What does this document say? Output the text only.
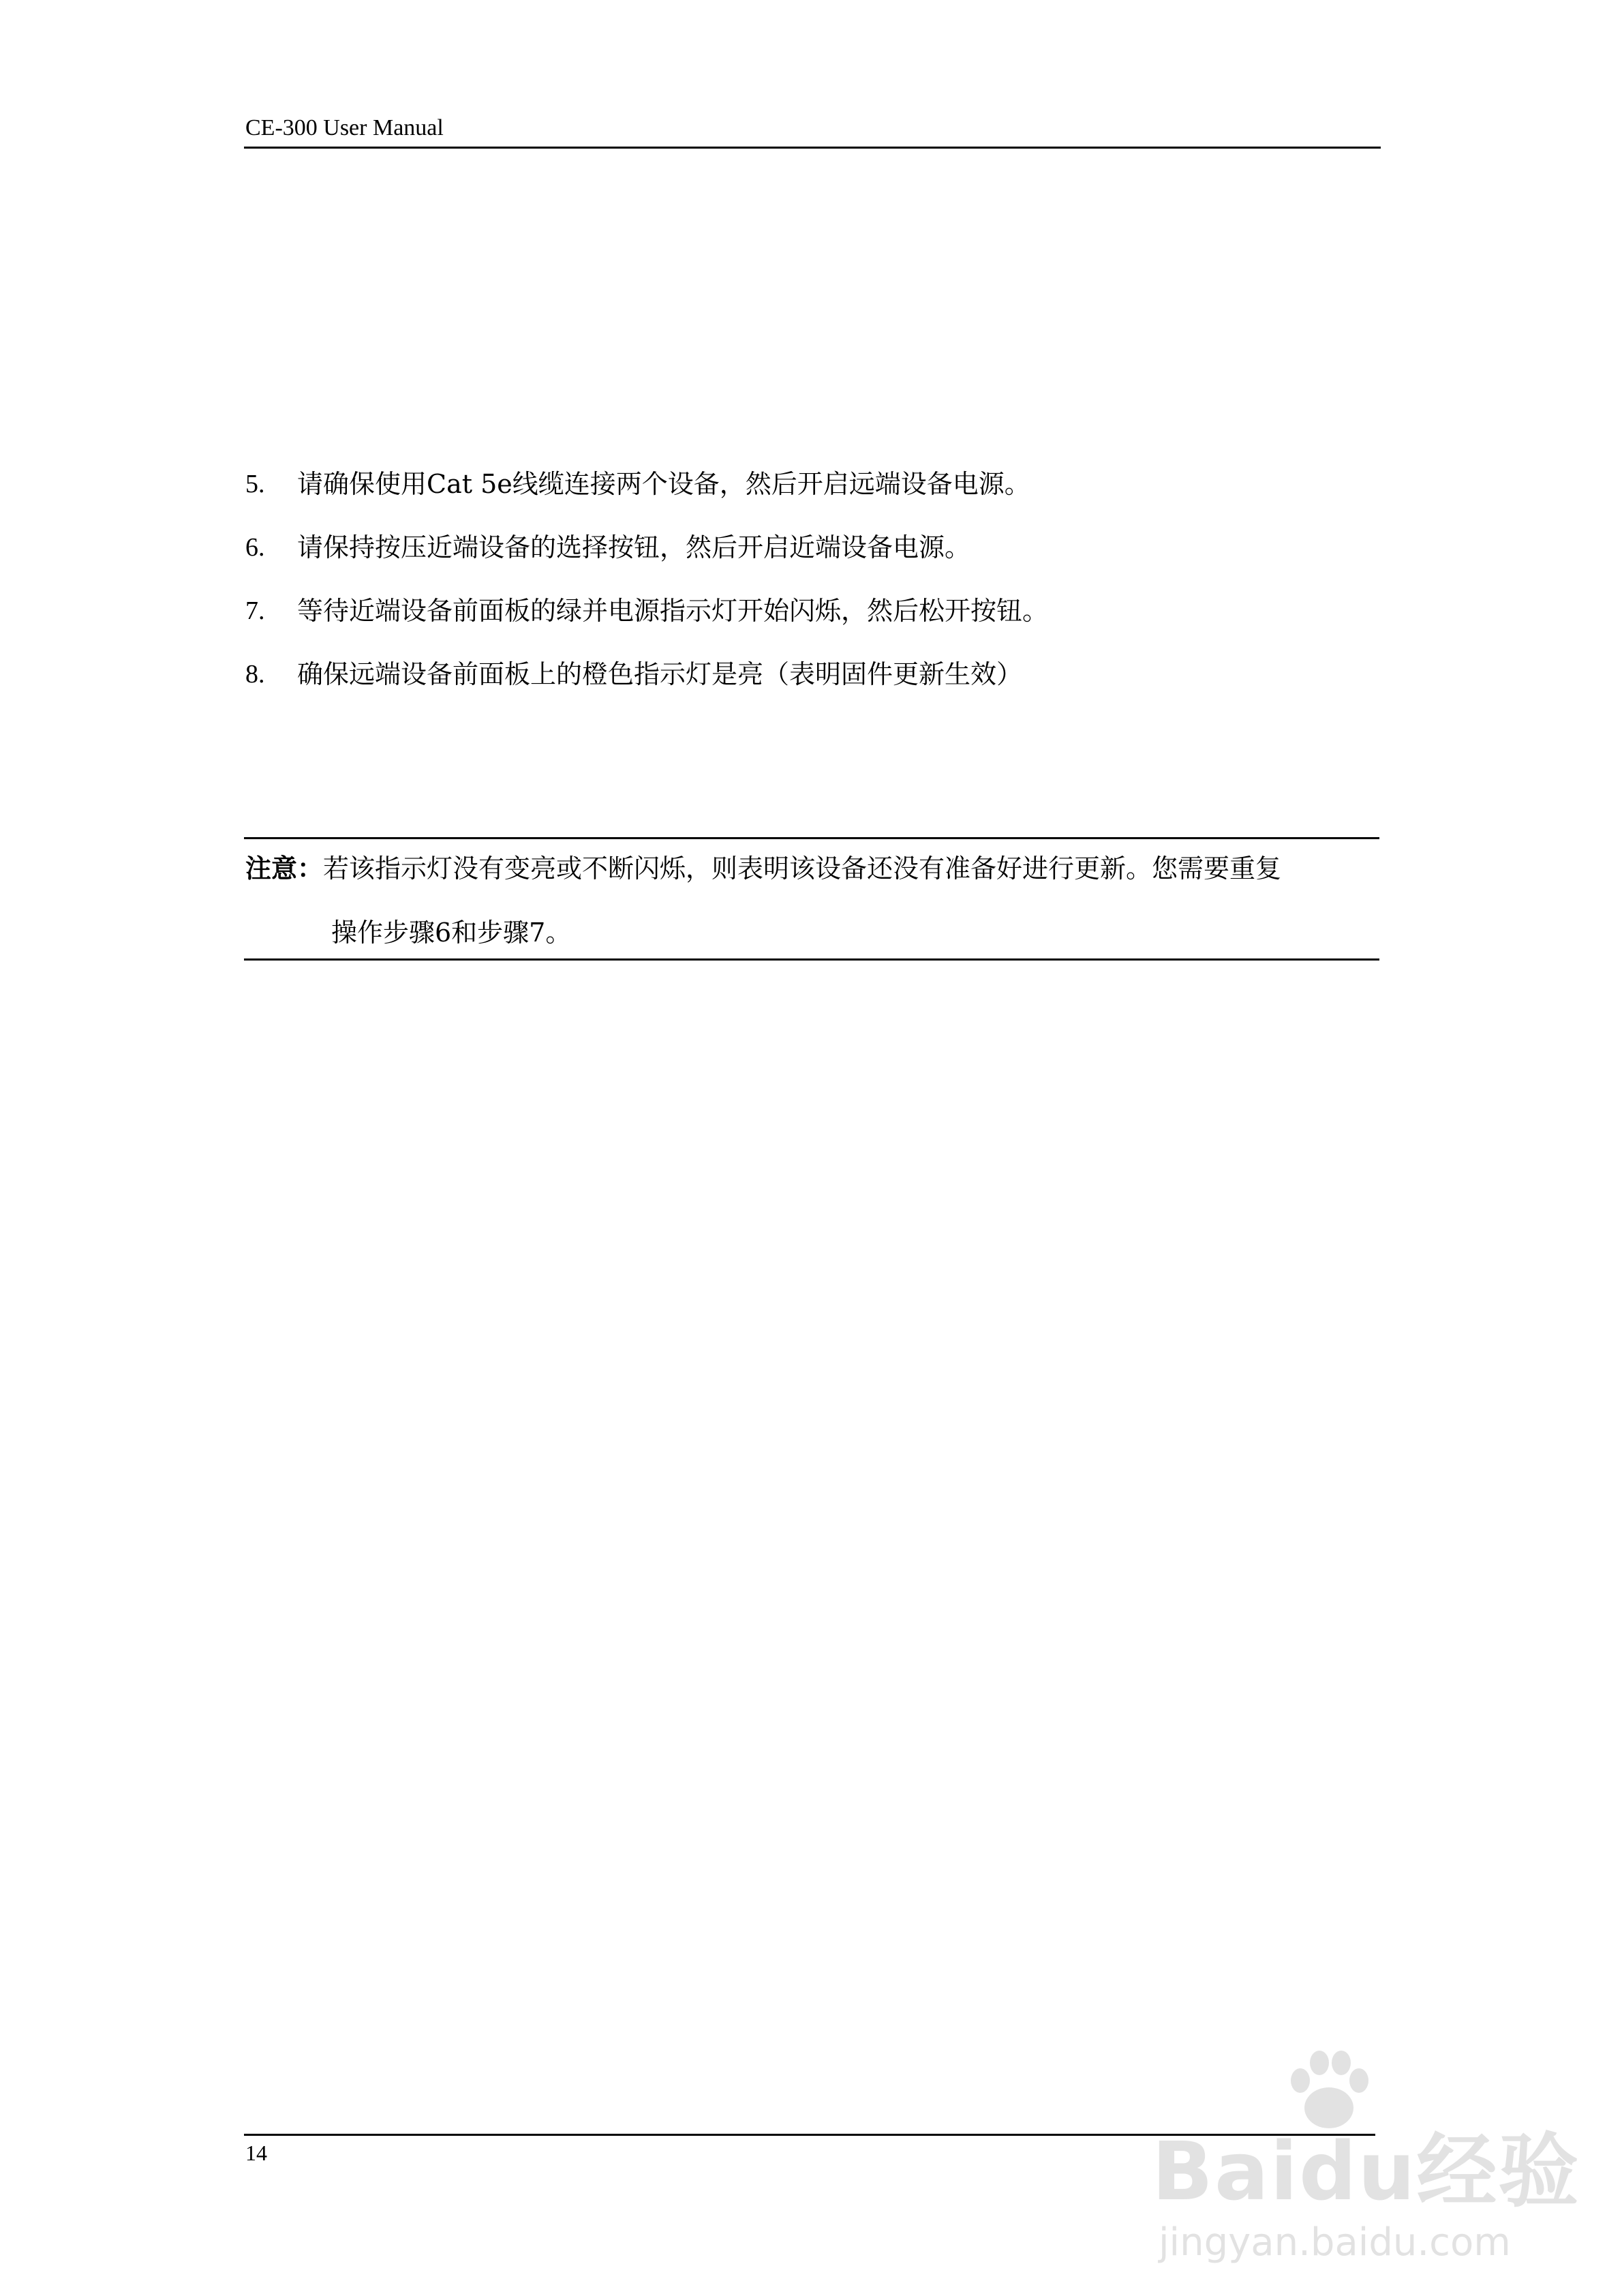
CE-300 User Manual
5.	请确保使用Cat 5e线缆连接两个设备，然后开启远端设备电源。
6.	请保持按压近端设备的选择按钮，然后开启近端设备电源。
7.	等待近端设备前面板的绿并电源指示灯开始闪烁，然后松开按钮。
8.	确保远端设备前面板上的橙色指示灯是亮（表明固件更新生效）
注意：若该指示灯没有变亮或不断闪烁，则表明该设备还没有准备好进行更新。您需要重复
操作步骤6和步骤7。
14	Baidu经验
jingyan.baidu.com
